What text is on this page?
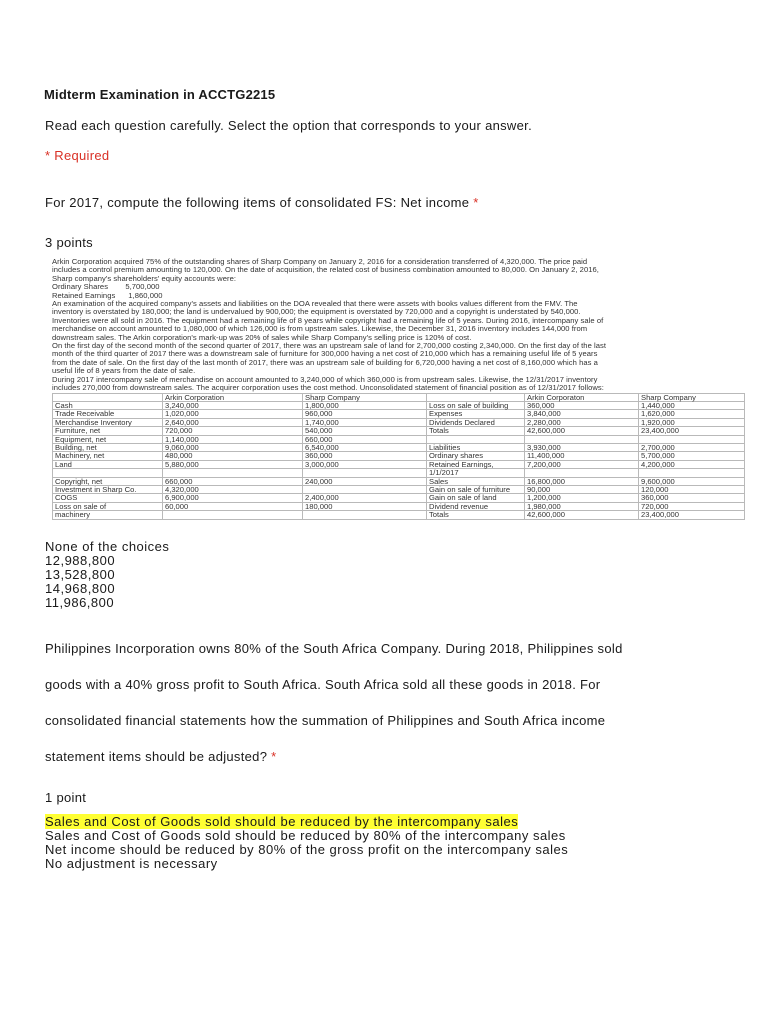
Midterm Examination in ACCTG2215
Read each question carefully. Select the option that corresponds to your answer.
* Required
For 2017, compute the following items of consolidated FS: Net income *
3 points
Arkin Corporation acquired 75% of the outstanding shares of Sharp Company on January 2, 2016 for a consideration transferred of 4,320,000. The price paid
includes a control premium amounting to 120,000. On the date of acquisition, the related cost of business combination amounted to 80,000. On January 2, 2016,
Sharp company's shareholders' equity accounts were:
Ordinary Shares        5,700,000
Retained Earnings      1,860,000
An examination of the acquired company's assets and liabilities on the DOA revealed that there were assets with books values different from the FMV. The
inventory is overstated by 180,000; the land is undervalued by 900,000; the equipment is overstated by 720,000 and a copyright is understated by 540,000.
Inventories were all sold in 2016. The equipment had a remaining life of 8 years while copyright had a remaining life of 5 years. During 2016, intercompany sale of
merchandise on account amounted to 1,080,000 of which 126,000 is from upstream sales. Likewise, the December 31, 2016 inventory includes 144,000 from
downstream sales. The Arkin corporation's mark-up was 20% of sales while Sharp Company's selling price is 120% of cost.
On the first day of the second month of the second quarter of 2017, there was an upstream sale of land for 2,700,000 costing 2,340,000. On the first day of the last
month of the third quarter of 2017 there was a downstream sale of furniture for 300,000 having a net cost of 210,000 which has a remaining useful life of 5 years
from the date of sale. On the first day of the last month of 2017, there was an upstream sale of building for 6,720,000 having a net cost of 8,160,000 which has a
useful life of 8 years from the date of sale.
During 2017 intercompany sale of merchandise on account amounted to 3,240,000 of which 360,000 is from upstream sales. Likewise, the 12/31/2017 inventory
includes 270,000 from downstream sales. The acquirer corporation uses the cost method. Unconsolidated statement of financial position as of 12/31/2017 follows:
	Arkin Corporation	Sharp Company		Arkin Corporaton	Sharp Company
Cash	3,240,000	1,800,000	Loss on sale of building	360,000	1,440,000
Trade Receivable	1,020,000	960,000	Expenses	3,840,000	1,620,000
Merchandise Inventory	2,640,000	1,740,000	Dividends Declared	2,280,000	1,920,000
Furniture, net	720,000	540,000	Totals	42,600,000	23,400,000
Equipment, net	1,140,000	660,000			
Building, net	9,060,000	6,540,000	Liabilities	3,930,000	2,700,000
Machinery, net	480,000	360,000	Ordinary shares	11,400,000	5,700,000
Land	5,880,000	3,000,000	Retained Earnings,	7,200,000	4,200,000
			1/1/2017		
Copyright, net	660,000	240,000	Sales	16,800,000	9,600,000
Investment in Sharp Co.	4,320,000		Gain on sale of furniture	90,000	120,000
COGS	6,900,000	2,400,000	Gain on sale of land	1,200,000	360,000
Loss on sale of	60,000	180,000	Dividend revenue	1,980,000	720,000
machinery			Totals	42,600,000	23,400,000
None of the choices
12,988,800
13,528,800
14,968,800
11,986,800
Philippines Incorporation owns 80% of the South Africa Company. During 2018, Philippines sold
goods with a 40% gross profit to South Africa. South Africa sold all these goods in 2018. For
consolidated financial statements how the summation of Philippines and South Africa income
statement items should be adjusted? *
1 point
Sales and Cost of Goods sold should be reduced by the intercompany sales
Sales and Cost of Goods sold should be reduced by 80% of the intercompany sales
Net income should be reduced by 80% of the gross profit on the intercompany sales
No adjustment is necessary
